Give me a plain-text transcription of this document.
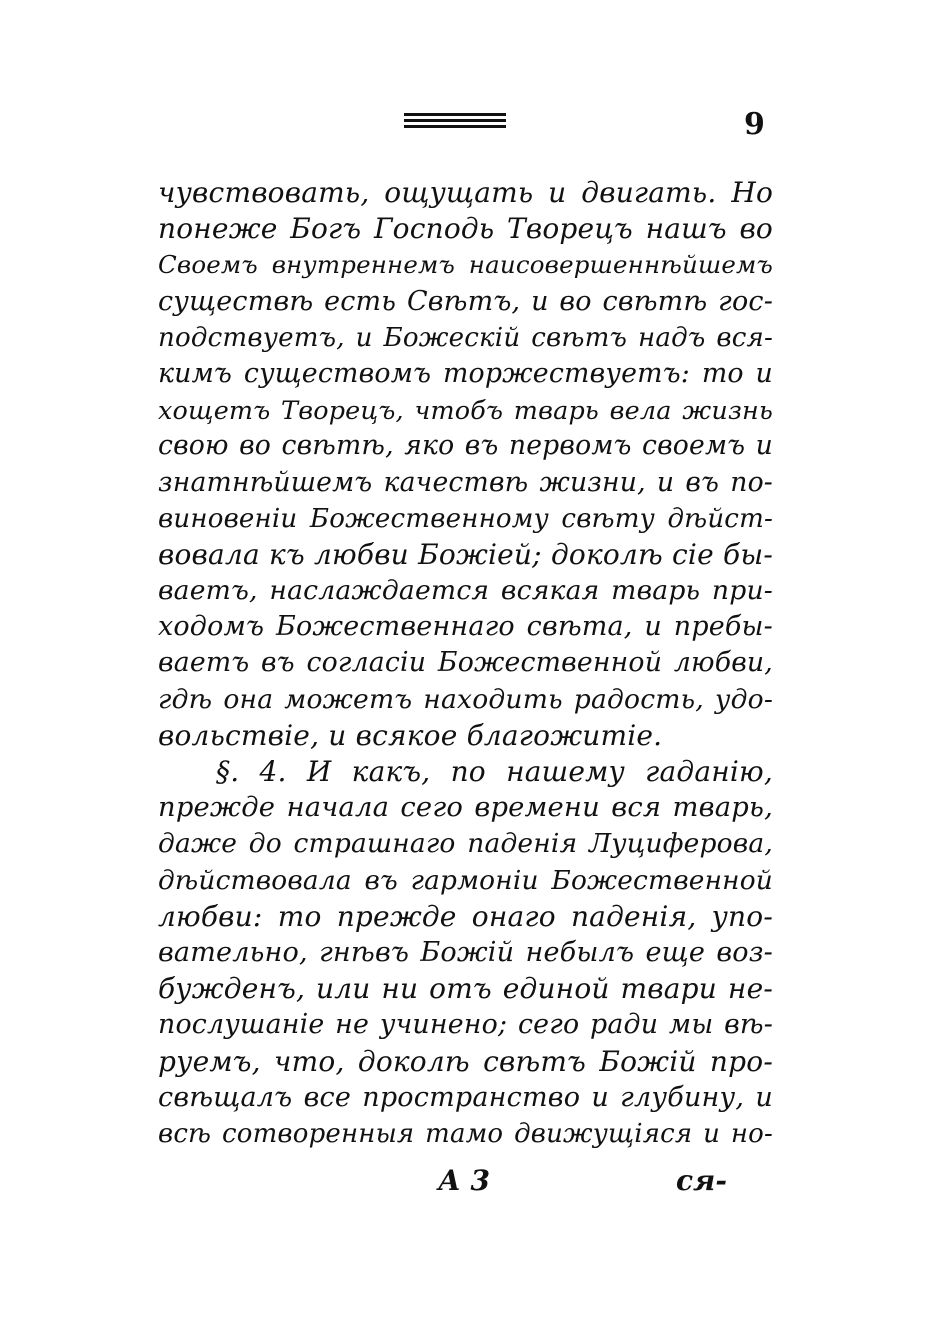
9
чувствовать, ощущать и двигать. Но
понеже Богъ Господь Творецъ нашъ во
Своемъ внутреннемъ наисовершеннѣйшемъ
существѣ есть Свѣтъ, и во свѣтѣ гос-
подствуетъ, и Божескій свѣтъ надъ вся-
кимъ существомъ торжествуетъ: то и
хощетъ Творецъ, чтобъ тварь вела жизнь
свою во свѣтѣ, яко въ первомъ своемъ и
знатнѣйшемъ качествѣ жизни, и въ по-
виновеніи Божественному свѣту дѣйст-
вовала къ любви Божіей; доколѣ сіе бы-
ваетъ, наслаждается всякая тварь при-
ходомъ Божественнаго свѣта, и пребы-
ваетъ въ согласіи Божественной любви,
гдѣ она можетъ находить радость, удо-
вольствіе, и всякое благожитіе.
§. 4. И какъ, по нашему гаданію,
прежде начала сего времени вся тварь,
даже до страшнаго паденія Луциферова,
дѣйствовала въ гармоніи Божественной
любви: то прежде онаго паденія, упо-
вательно, гнѣвъ Божій небылъ еще воз-
бужденъ, или ни отъ единой твари не-
послушаніе не учинено; сего ради мы вѣ-
руемъ, что, доколѣ свѣтъ Божій про-
свѣщалъ все пространство и глубину, и
всѣ сотворенныя тамо движущіяся и но-
А 3	ся-
